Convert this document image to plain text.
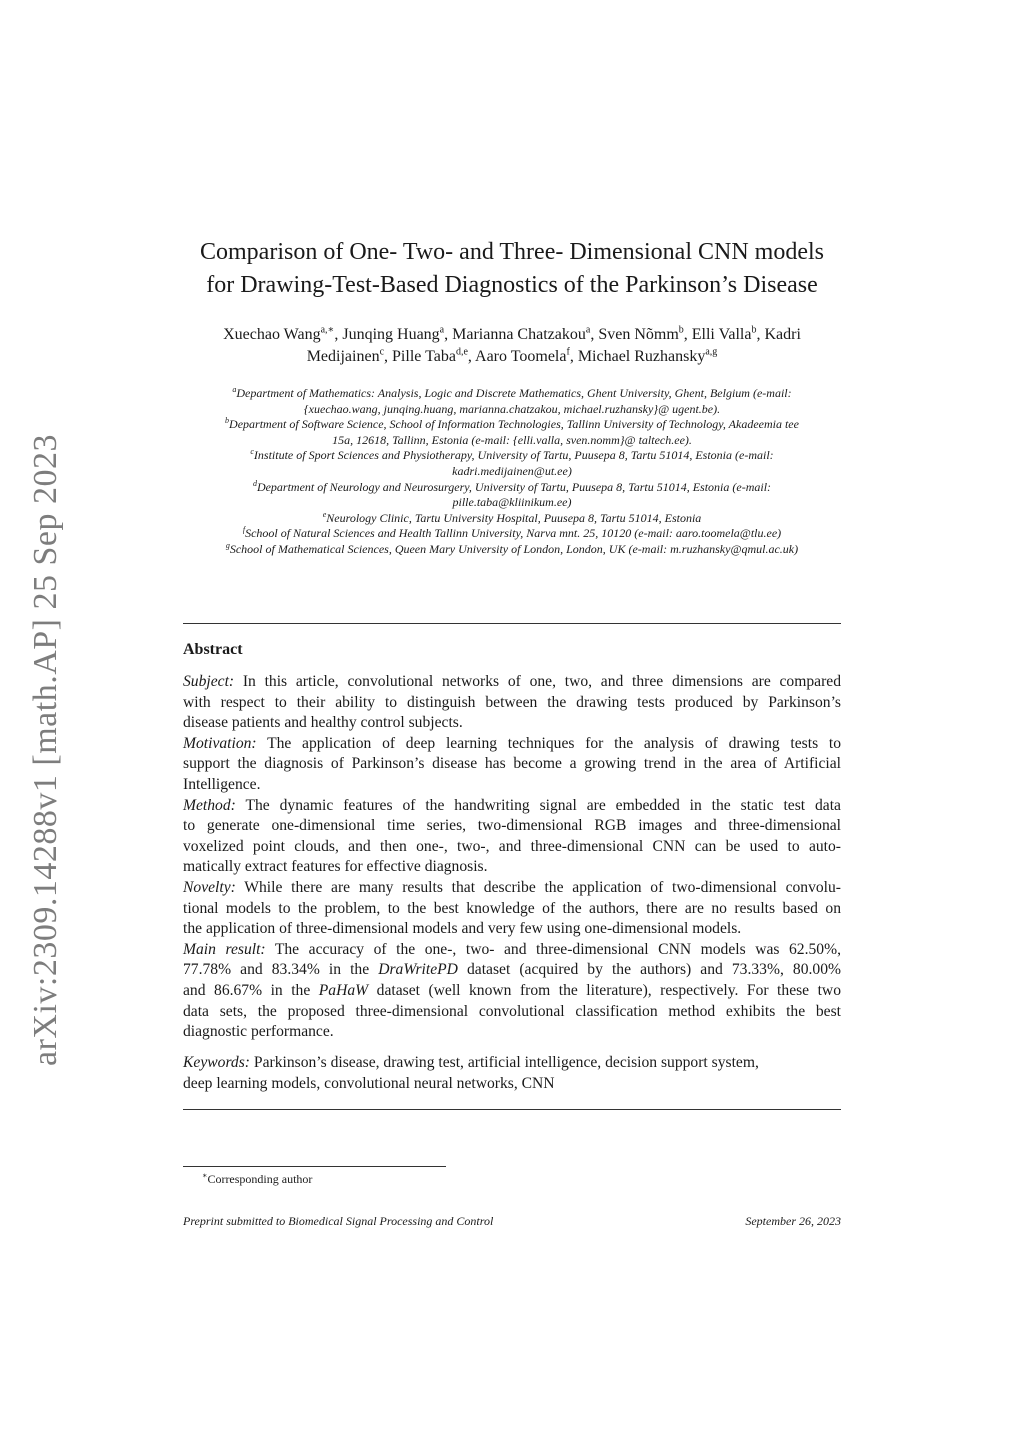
arXiv:2309.14288v1 [math.AP] 25 Sep 2023
Comparison of One- Two- and Three- Dimensional CNN models
for Drawing-Test-Based Diagnostics of the Parkinson’s Disease
Xuechao Wang$^{a,∗}$, Junqing Huang$^a$, Marianna Chatzakou$^a$, Sven Nõmm$^b$, Elli Valla$^b$, Kadri
Medijainen$^c$, Pille Taba$^{d,e}$, Aaro Toomela$^f$, Michael Ruzhansky$^{a,g}$
$^a$Department of Mathematics: Analysis, Logic and Discrete Mathematics, Ghent University, Ghent, Belgium (e-mail:
{xuechao.wang, junqing.huang, marianna.chatzakou, michael.ruzhansky}@ ugent.be).
$^b$Department of Software Science, School of Information Technologies, Tallinn University of Technology, Akadeemia tee
15a, 12618, Tallinn, Estonia (e-mail: {elli.valla, sven.nomm}@ taltech.ee).
$^c$Institute of Sport Sciences and Physiotherapy, University of Tartu, Puusepa 8, Tartu 51014, Estonia (e-mail:
kadri.medijainen@ut.ee)
$^d$Department of Neurology and Neurosurgery, University of Tartu, Puusepa 8, Tartu 51014, Estonia (e-mail:
pille.taba@kliinikum.ee)
$^e$Neurology Clinic, Tartu University Hospital, Puusepa 8, Tartu 51014, Estonia
$^f$School of Natural Sciences and Health Tallinn University, Narva mnt. 25, 10120 (e-mail: aaro.toomela@tlu.ee)
$^g$School of Mathematical Sciences, Queen Mary University of London, London, UK (e-mail: m.ruzhansky@qmul.ac.uk)
Abstract
Subject: In this article, convolutional networks of one, two, and three dimensions are compared
with respect to their ability to distinguish between the drawing tests produced by Parkinson’s
disease patients and healthy control subjects.
Motivation: The application of deep learning techniques for the analysis of drawing tests to
support the diagnosis of Parkinson’s disease has become a growing trend in the area of Artificial
Intelligence.
Method: The dynamic features of the handwriting signal are embedded in the static test data
to generate one-dimensional time series, two-dimensional RGB images and three-dimensional
voxelized point clouds, and then one-, two-, and three-dimensional CNN can be used to auto-
matically extract features for effective diagnosis.
Novelty: While there are many results that describe the application of two-dimensional convolu-
tional models to the problem, to the best knowledge of the authors, there are no results based on
the application of three-dimensional models and very few using one-dimensional models.
Main result: The accuracy of the one-, two- and three-dimensional CNN models was 62.50%,
77.78% and 83.34% in the DraWritePD dataset (acquired by the authors) and 73.33%, 80.00%
and 86.67% in the PaHaW dataset (well known from the literature), respectively. For these two
data sets, the proposed three-dimensional convolutional classification method exhibits the best
diagnostic performance.
Keywords: Parkinson’s disease, drawing test, artificial intelligence, decision support system,
deep learning models, convolutional neural networks, CNN
∗Corresponding author
Preprint submitted to Biomedical Signal Processing and Control	September 26, 2023
